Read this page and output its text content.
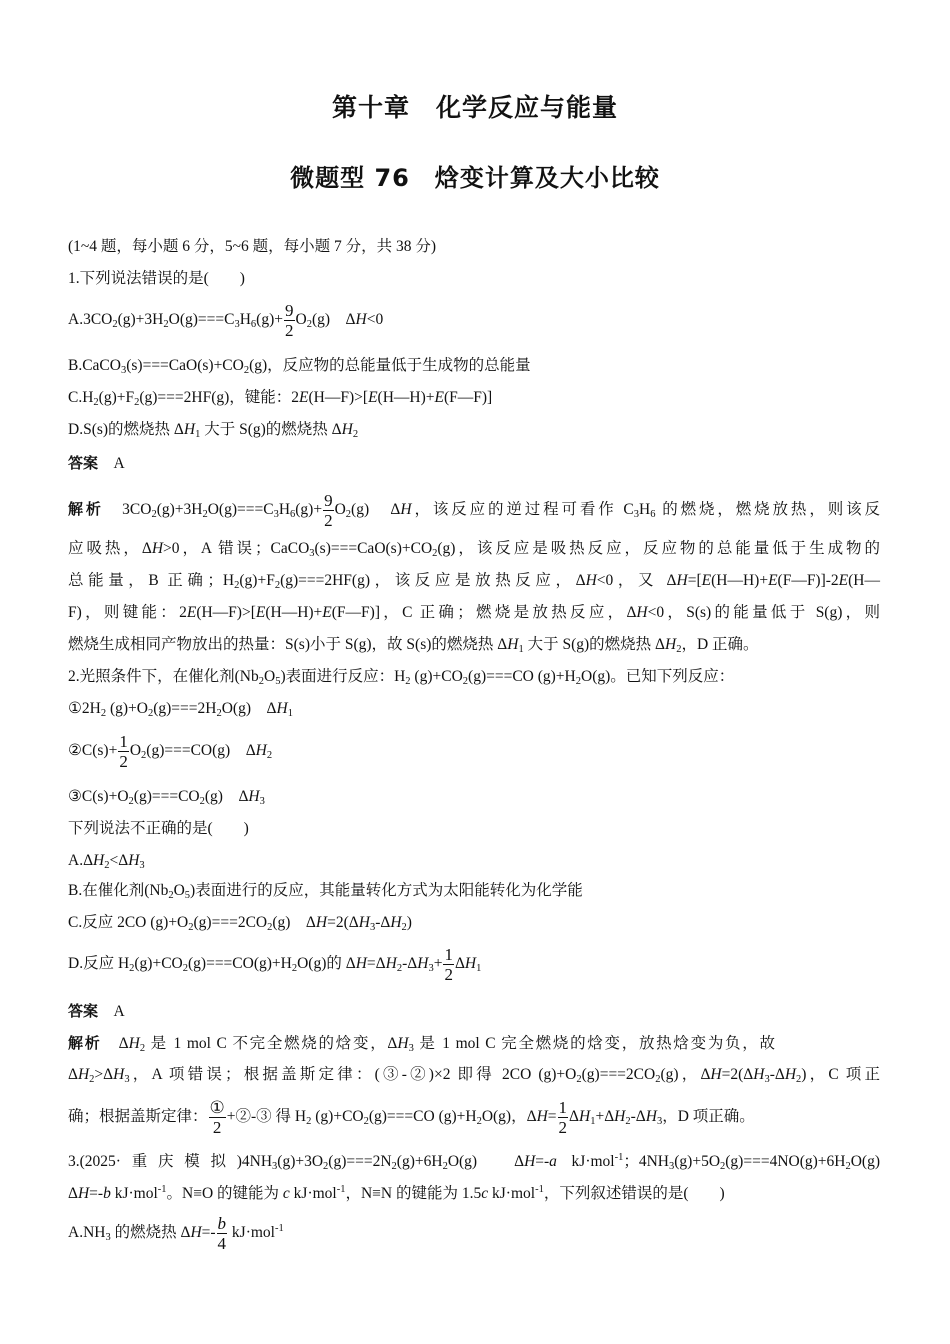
第十章　化学反应与能量
微题型 76　焓变计算及大小比较
(1~4 题，每小题 6 分，5~6 题，每小题 7 分，共 38 分)
1.下列说法错误的是(　　)
$A.3CO_2(g)+3H_2O(g)===C_3H_6(g)+ \frac{9}{2} O_2(g)$　ΔH<0
$B.CaCO_3(s)===CaO(s)+CO_2(g)$，反应物的总能量低于生成物的总能量
$C.H_2(g)+F_2(g)===2HF(g)$，键能：2E(H—F)>[E(H—H)+E(F—F)]
D.S(s)的燃烧热 $\Delta H_1$ 大于 S(g)的燃烧热 $\Delta H_2$
答案　 A
解析　$3CO_2(g)+3H_2O(g)===C_3H_6(g)+ \frac{9}{2} O_2(g)$　ΔH，该反应的逆过程可看作 $C_3H_6$ 的燃烧，燃烧放热，则该反
应吸热，ΔH>0，A 错误；$CaCO_3(s)===CaO(s)+CO_2(g)$，该反应是吸热反应，反应物的总能量低于生成物的
总能量，B 正确；$H_2(g)+F_2(g)===2HF(g)$，该反应是放热反应，ΔH<0，又 ΔH=[E(H—H)+E(F—F)]-2E(H—
F)，则键能：2E(H—F)>[E(H—H)+E(F—F)]，C 正确；燃烧是放热反应，ΔH<0，S(s)的能量低于 S(g)，则
燃烧生成相同产物放出的热量：S(s)小于 S(g)，故 S(s)的燃烧热 $\Delta H_1$ 大于 S(g)的燃烧热 $\Delta H_2$，D 正确。
2.光照条件下，在催化剂$(Nb_2O_5)$表面进行反应：$H_2$ $(g)+CO_2(g)===CO$ $(g)+H_2O(g)$。已知下列反应：
$①2H_2$ $(g)+O_2(g)===2H_2O(g)$　$\Delta H_1$
②C(s)+ $\frac{1}{2} O_2(g)===CO(g)$　$\Delta H_2$
$③C(s)+O_2(g)===CO_2(g)$　$\Delta H_3$
下列说法不正确的是(　　)
$A.\Delta H_2<\Delta H_3$
B.在催化剂$(Nb_2O_5)$表面进行的反应，其能量转化方式为太阳能转化为化学能
C.反应 2CO $(g)+O_2(g)===2CO_2(g)$　$\Delta H=2(\Delta H_3-\Delta H_2)$
D.反应 $H_2(g)+CO_2(g)===CO(g)+H_2O(g)$的 $\Delta H=\Delta H_2-\Delta H_3+ \frac{1}{2} \Delta H_1$
答案　 A
解析　$\Delta H_2$ 是 1 mol C 不完全燃烧的焓变，$\Delta H_3$ 是 1 mol C 完全燃烧的焓变，放热焓变为负，故
$\Delta H_2>\Delta H_3$，A 项错误；根据盖斯定律：(③-②)×2 即得 2CO $(g)+O_2(g)===2CO_2(g)$，$\Delta H=2(\Delta H_3-\Delta H_2)$，C 项正
确；根据盖斯定律： $\frac{\text{①}}{2}$ +②-③ 得 $H_2$ $(g)+CO_2(g)===CO$ $(g)+H_2O(g)$，$\Delta H= \frac{1}{2} \Delta H_1+\Delta H_2-\Delta H_3$，D 项正确。
3.(2025·重庆模拟)$4NH_3(g)+3O_2(g)===2N_2(g)+6H_2O(g)$　ΔH=-a kJ·mol$^{-1}$；$4NH_3(g)+5O_2(g)===4NO(g)+6H_2O(g)$
ΔH=-b kJ·mol$^{-1}$。N≡O 的键能为 c kJ·mol$^{-1}$，N≡N 的键能为 1.5c kJ·mol$^{-1}$，下列叙述错误的是(　　)
$A.NH_3$ 的燃烧热 $\Delta H=- \frac{b}{4} kJ\cdot mol^{-1}$
